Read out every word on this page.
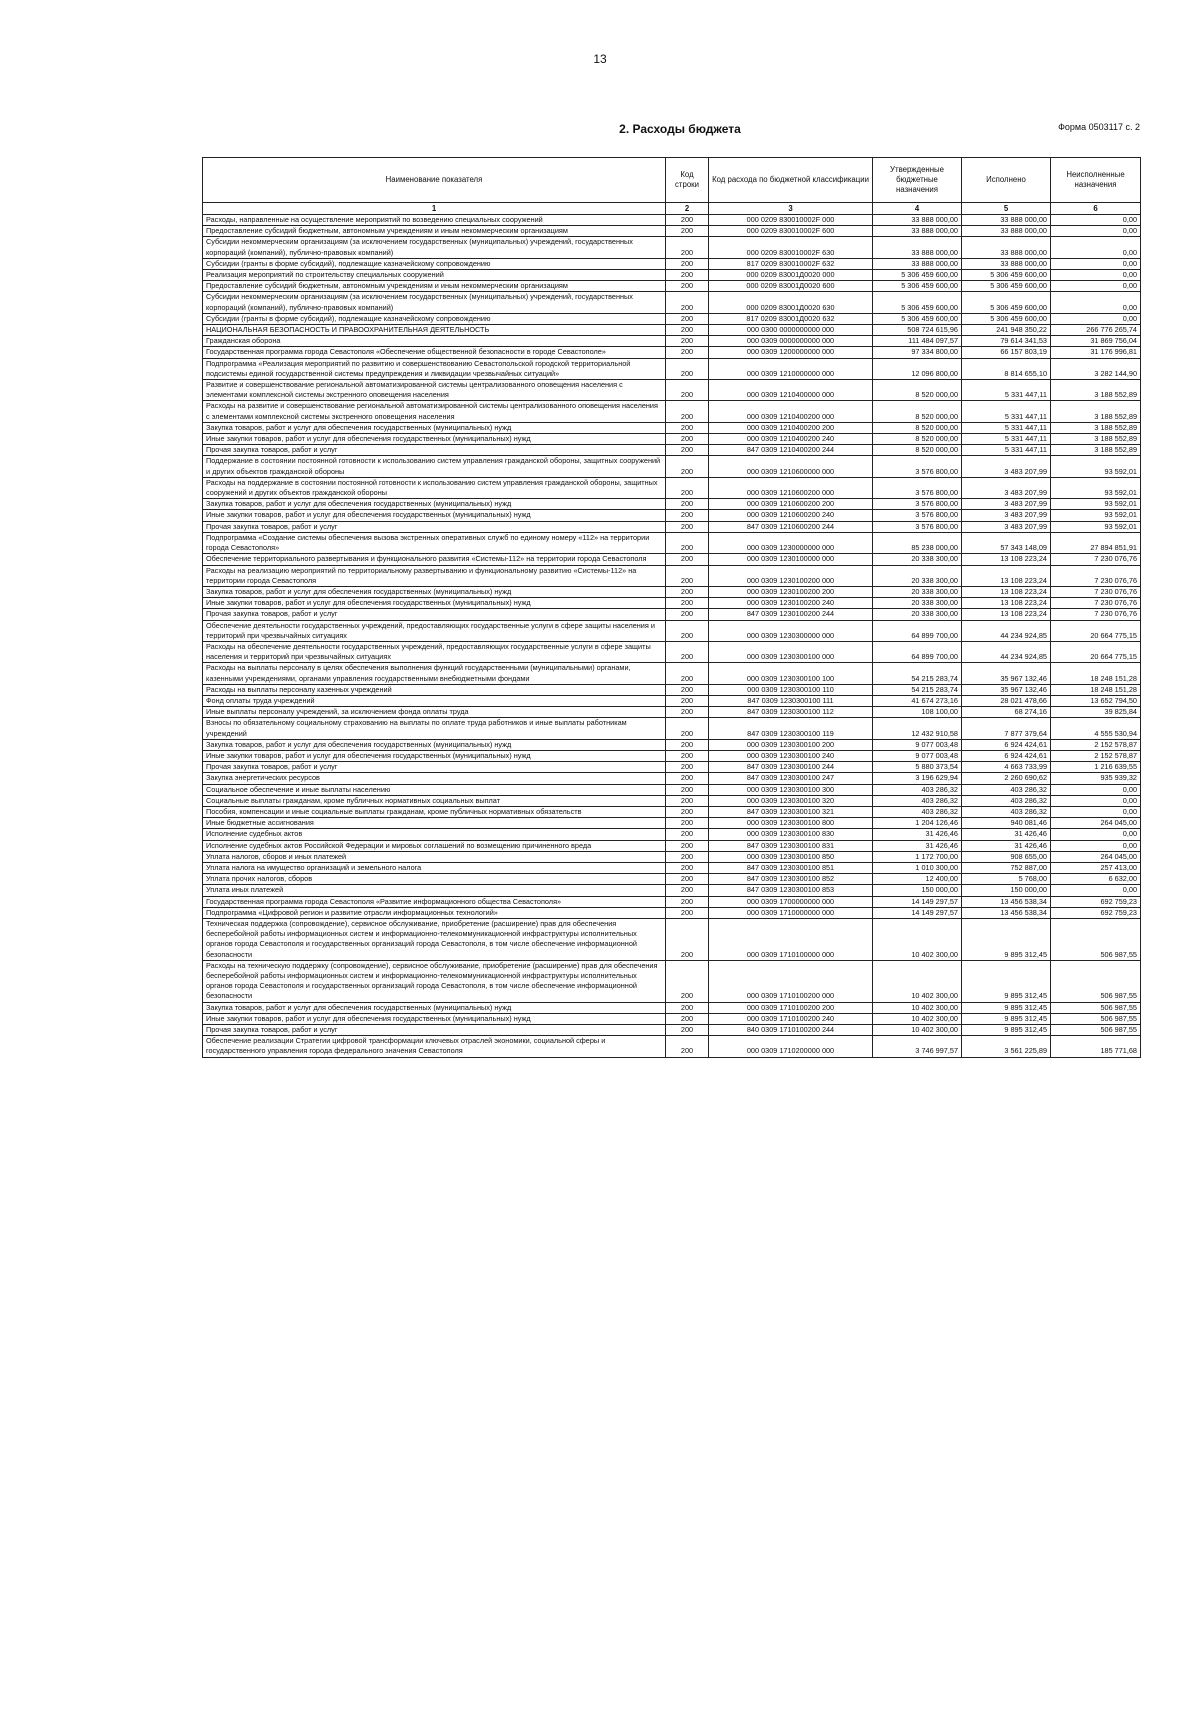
13
Форма 0503117 с. 2
2. Расходы бюджета
Наименование показателя	Код строки	Код расхода по бюджетной классификации	Утвержденные бюджетные назначения	Исполнено	Неисполненные назначения
1	2	3	4	5	6
Расходы, направленные на осуществление мероприятий по возведению специальных сооружений	200	000 0209 830010002F 000	33 888 000,00	33 888 000,00	0,00
Предоставление субсидий бюджетным, автономным учреждениям и иным некоммерческим организациям	200	000 0209 830010002F 600	33 888 000,00	33 888 000,00	0,00
Субсидии некоммерческим организациям (за исключением государственных (муниципальных) учреждений, государственных корпораций (компаний), публично-правовых компаний)	200	000 0209 830010002F 630	33 888 000,00	33 888 000,00	0,00
Субсидии (гранты в форме субсидий), подлежащие казначейскому сопровождению	200	817 0209 830010002F 632	33 888 000,00	33 888 000,00	0,00
Реализация мероприятий по строительству специальных сооружений	200	000 0209 83001Д0020 000	5 306 459 600,00	5 306 459 600,00	0,00
Предоставление субсидий бюджетным, автономным учреждениям и иным некоммерческим организациям	200	000 0209 83001Д0020 600	5 306 459 600,00	5 306 459 600,00	0,00
Субсидии некоммерческим организациям (за исключением государственных (муниципальных) учреждений, государственных корпораций (компаний), публично-правовых компаний)	200	000 0209 83001Д0020 630	5 306 459 600,00	5 306 459 600,00	0,00
Субсидии (гранты в форме субсидий), подлежащие казначейскому сопровождению	200	817 0209 83001Д0020 632	5 306 459 600,00	5 306 459 600,00	0,00
НАЦИОНАЛЬНАЯ БЕЗОПАСНОСТЬ И ПРАВООХРАНИТЕЛЬНАЯ ДЕЯТЕЛЬНОСТЬ	200	000 0300 0000000000 000	508 724 615,96	241 948 350,22	266 776 265,74
Гражданская оборона	200	000 0309 0000000000 000	111 484 097,57	79 614 341,53	31 869 756,04
Государственная программа города Севастополя «Обеспечение общественной безопасности в городе Севастополе»	200	000 0309 1200000000 000	97 334 800,00	66 157 803,19	31 176 996,81
Подпрограмма «Реализация мероприятий по развитию и совершенствованию Севастопольской городской территориальной подсистемы единой государственной системы предупреждения и ликвидации чрезвычайных ситуаций»	200	000 0309 1210000000 000	12 096 800,00	8 814 655,10	3 282 144,90
Развитие и совершенствование региональной автоматизированной системы централизованного оповещения населения с элементами комплексной системы экстренного оповещения населения	200	000 0309 1210400000 000	8 520 000,00	5 331 447,11	3 188 552,89
Расходы на развитие и совершенствование региональной автоматизированной системы централизованного оповещения населения с элементами комплексной системы экстренного оповещения населения	200	000 0309 1210400200 000	8 520 000,00	5 331 447,11	3 188 552,89
Закупка товаров, работ и услуг для обеспечения государственных (муниципальных) нужд	200	000 0309 1210400200 200	8 520 000,00	5 331 447,11	3 188 552,89
Иные закупки товаров, работ и услуг для обеспечения государственных (муниципальных) нужд	200	000 0309 1210400200 240	8 520 000,00	5 331 447,11	3 188 552,89
Прочая закупка товаров, работ и услуг	200	847 0309 1210400200 244	8 520 000,00	5 331 447,11	3 188 552,89
Поддержание в состоянии постоянной готовности к использованию систем управления гражданской обороны, защитных сооружений и других объектов гражданской обороны	200	000 0309 1210600000 000	3 576 800,00	3 483 207,99	93 592,01
Расходы на поддержание в состоянии постоянной готовности к использованию систем управления гражданской обороны, защитных сооружений и других объектов гражданской обороны	200	000 0309 1210600200 000	3 576 800,00	3 483 207,99	93 592,01
Закупка товаров, работ и услуг для обеспечения государственных (муниципальных) нужд	200	000 0309 1210600200 200	3 576 800,00	3 483 207,99	93 592,01
Иные закупки товаров, работ и услуг для обеспечения государственных (муниципальных) нужд	200	000 0309 1210600200 240	3 576 800,00	3 483 207,99	93 592,01
Прочая закупка товаров, работ и услуг	200	847 0309 1210600200 244	3 576 800,00	3 483 207,99	93 592,01
Подпрограмма «Создание системы обеспечения вызова экстренных оперативных служб по единому номеру «112» на территории города Севастополя»	200	000 0309 1230000000 000	85 238 000,00	57 343 148,09	27 894 851,91
Обеспечение территориального развертывания и функционального развития «Системы-112» на территории города Севастополя	200	000 0309 1230100000 000	20 338 300,00	13 108 223,24	7 230 076,76
Расходы на реализацию мероприятий по территориальному развертыванию и функциональному развитию «Системы-112» на территории города Севастополя	200	000 0309 1230100200 000	20 338 300,00	13 108 223,24	7 230 076,76
Закупка товаров, работ и услуг для обеспечения государственных (муниципальных) нужд	200	000 0309 1230100200 200	20 338 300,00	13 108 223,24	7 230 076,76
Иные закупки товаров, работ и услуг для обеспечения государственных (муниципальных) нужд	200	000 0309 1230100200 240	20 338 300,00	13 108 223,24	7 230 076,76
Прочая закупка товаров, работ и услуг	200	847 0309 1230100200 244	20 338 300,00	13 108 223,24	7 230 076,76
Обеспечение деятельности государственных учреждений, предоставляющих государственные услуги в сфере защиты населения и территорий при чрезвычайных ситуациях	200	000 0309 1230300000 000	64 899 700,00	44 234 924,85	20 664 775,15
Расходы на обеспечение деятельности государственных учреждений, предоставляющих государственные услуги в сфере защиты населения и территорий при чрезвычайных ситуациях	200	000 0309 1230300100 000	64 899 700,00	44 234 924,85	20 664 775,15
Расходы на выплаты персоналу в целях обеспечения выполнения функций государственными (муниципальными) органами, казенными учреждениями, органами управления государственными внебюджетными фондами	200	000 0309 1230300100 100	54 215 283,74	35 967 132,46	18 248 151,28
Расходы на выплаты персоналу казенных учреждений	200	000 0309 1230300100 110	54 215 283,74	35 967 132,46	18 248 151,28
Фонд оплаты труда учреждений	200	847 0309 1230300100 111	41 674 273,16	28 021 478,66	13 652 794,50
Иные выплаты персоналу учреждений, за исключением фонда оплаты труда	200	847 0309 1230300100 112	108 100,00	68 274,16	39 825,84
Взносы по обязательному социальному страхованию на выплаты по оплате труда работников и иные выплаты работникам учреждений	200	847 0309 1230300100 119	12 432 910,58	7 877 379,64	4 555 530,94
Закупка товаров, работ и услуг для обеспечения государственных (муниципальных) нужд	200	000 0309 1230300100 200	9 077 003,48	6 924 424,61	2 152 578,87
Иные закупки товаров, работ и услуг для обеспечения государственных (муниципальных) нужд	200	000 0309 1230300100 240	9 077 003,48	6 924 424,61	2 152 578,87
Прочая закупка товаров, работ и услуг	200	847 0309 1230300100 244	5 880 373,54	4 663 733,99	1 216 639,55
Закупка энергетических ресурсов	200	847 0309 1230300100 247	3 196 629,94	2 260 690,62	935 939,32
Социальное обеспечение и иные выплаты населению	200	000 0309 1230300100 300	403 286,32	403 286,32	0,00
Социальные выплаты гражданам, кроме публичных нормативных социальных выплат	200	000 0309 1230300100 320	403 286,32	403 286,32	0,00
Пособия, компенсации и иные социальные выплаты гражданам, кроме публичных нормативных обязательств	200	847 0309 1230300100 321	403 286,32	403 286,32	0,00
Иные бюджетные ассигнования	200	000 0309 1230300100 800	1 204 126,46	940 081,46	264 045,00
Исполнение судебных актов	200	000 0309 1230300100 830	31 426,46	31 426,46	0,00
Исполнение судебных актов Российской Федерации и мировых соглашений по возмещению причиненного вреда	200	847 0309 1230300100 831	31 426,46	31 426,46	0,00
Уплата налогов, сборов и иных платежей	200	000 0309 1230300100 850	1 172 700,00	908 655,00	264 045,00
Уплата налога на имущество организаций и земельного налога	200	847 0309 1230300100 851	1 010 300,00	752 887,00	257 413,00
Уплата прочих налогов, сборов	200	847 0309 1230300100 852	12 400,00	5 768,00	6 632,00
Уплата иных платежей	200	847 0309 1230300100 853	150 000,00	150 000,00	0,00
Государственная программа города Севастополя «Развитие информационного общества Севастополя»	200	000 0309 1700000000 000	14 149 297,57	13 456 538,34	692 759,23
Подпрограмма «Цифровой регион и развитие отрасли информационных технологий»	200	000 0309 1710000000 000	14 149 297,57	13 456 538,34	692 759,23
Техническая поддержка (сопровождение), сервисное обслуживание, приобретение (расширение) прав для обеспечения бесперебойной работы информационных систем и информационно-телекоммуникационной инфраструктуры исполнительных органов города Севастополя и государственных организаций города Севастополя, в том числе обеспечение информационной безопасности	200	000 0309 1710100000 000	10 402 300,00	9 895 312,45	506 987,55
Расходы на техническую поддержку (сопровождение), сервисное обслуживание, приобретение (расширение) прав для обеспечения бесперебойной работы информационных систем и информационно-телекоммуникационной инфраструктуры исполнительных органов города Севастополя и государственных организаций города Севастополя, в том числе обеспечение информационной безопасности	200	000 0309 1710100200 000	10 402 300,00	9 895 312,45	506 987,55
Закупка товаров, работ и услуг для обеспечения государственных (муниципальных) нужд	200	000 0309 1710100200 200	10 402 300,00	9 895 312,45	506 987,55
Иные закупки товаров, работ и услуг для обеспечения государственных (муниципальных) нужд	200	000 0309 1710100200 240	10 402 300,00	9 895 312,45	506 987,55
Прочая закупка товаров, работ и услуг	200	840 0309 1710100200 244	10 402 300,00	9 895 312,45	506 987,55
Обеспечение реализации Стратегии цифровой трансформации ключевых отраслей экономики, социальной сферы и государственного управления города федерального значения Севастополя	200	000 0309 1710200000 000	3 746 997,57	3 561 225,89	185 771,68
